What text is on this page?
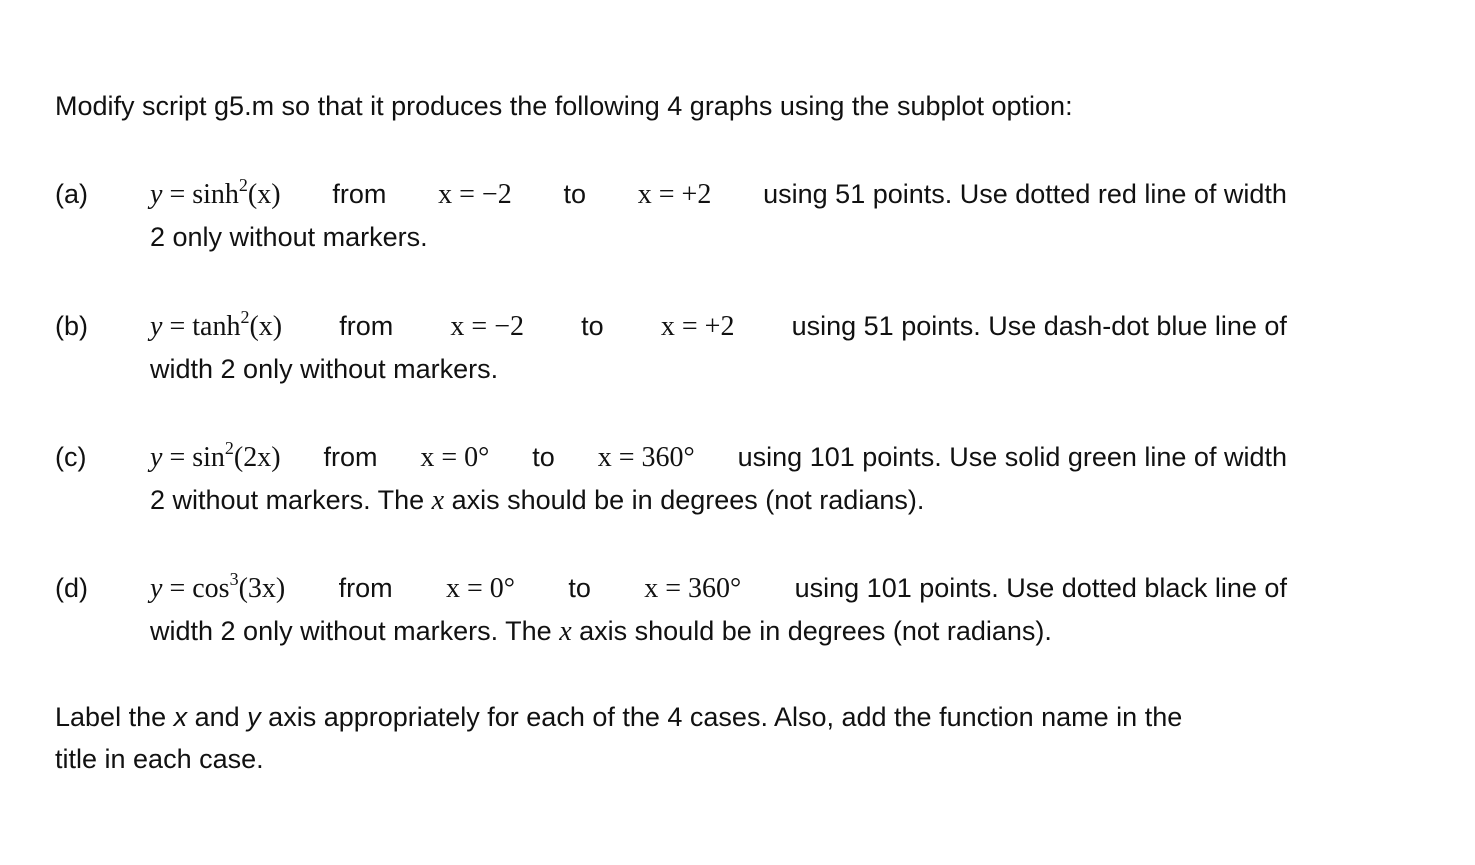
Modify script g5.m so that it produces the following 4 graphs using the subplot option:
(a) $y = \sinh^2(x)$ from x = −2 to x = +2 using 51 points. Use dotted red line of width
2 only without markers.
(b) $y = \tanh^2(x)$ from x = −2 to x = +2 using 51 points. Use dash-dot blue line of
width 2 only without markers.
(c) $y = \sin^2(2x)$ from x = 0° to x = 360° using 101 points. Use solid green line of width
2 without markers. The x axis should be in degrees (not radians).
(d) $y = \cos^3(3x)$ from x = 0° to x = 360° using 101 points. Use dotted black line of
width 2 only without markers. The x axis should be in degrees (not radians).
Label the x and y axis appropriately for each of the 4 cases. Also, add the function name in the
title in each case.
